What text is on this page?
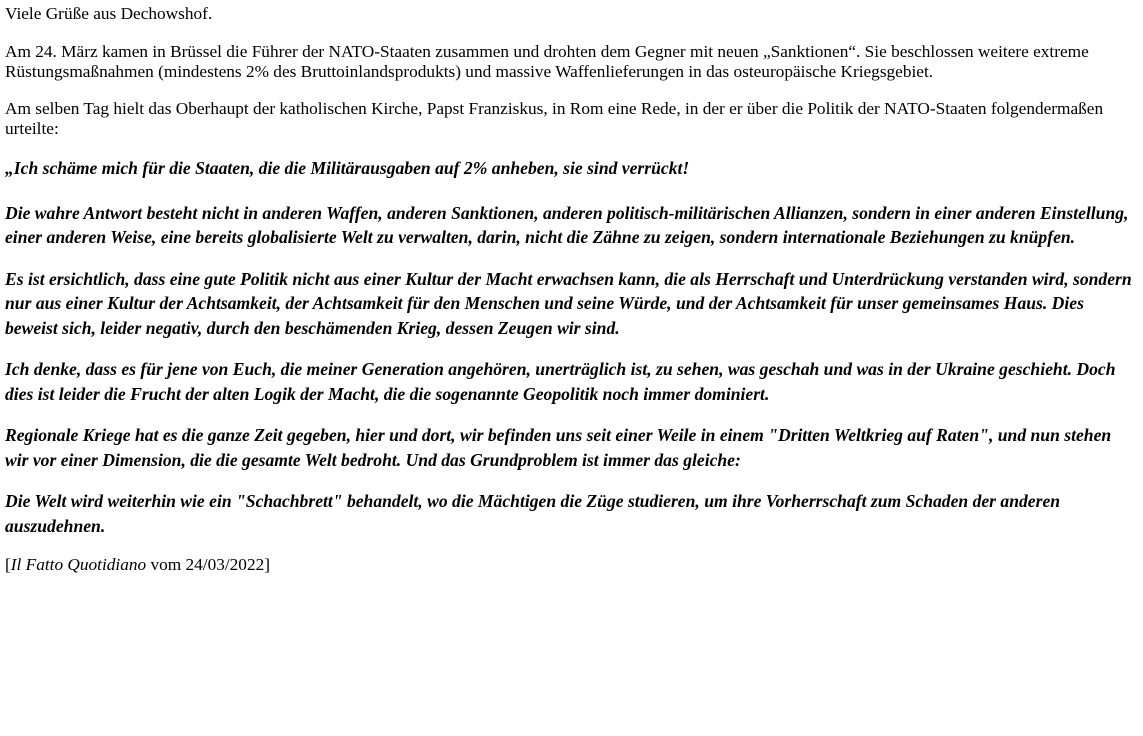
Viele Grüße aus Dechowshof.

Am 24. März kamen in Brüssel die Führer der NATO-Staaten zusammen und drohten dem Gegner mit neuen „Sanktionen“. Sie beschlossen weitere extreme Rüstungsmaßnahmen (mindestens 2% des Bruttoinlandsprodukts) und massive Waffenlieferungen in das osteuropäische Kriegsgebiet.

Am selben Tag hielt das Oberhaupt der katholischen Kirche, Papst Franziskus, in Rom eine Rede, in der er über die Politik der NATO-Staaten folgendermaßen urteilte:

„Ich schäme mich für die Staaten, die die Militärausgaben auf 2% anheben, sie sind verrückt!

Die wahre Antwort besteht nicht in anderen Waffen, anderen Sanktionen, anderen politisch-militärischen Allianzen, sondern in einer anderen Einstellung, einer anderen Weise, eine bereits globalisierte Welt zu verwalten, darin, nicht die Zähne zu zeigen, sondern internationale Beziehungen zu knüpfen.

Es ist ersichtlich, dass eine gute Politik nicht aus einer Kultur der Macht erwachsen kann, die als Herrschaft und Unterdrückung verstanden wird, sondern nur aus einer Kultur der Achtsamkeit, der Achtsamkeit für den Menschen und seine Würde, und der Achtsamkeit für unser gemeinsames Haus. Dies beweist sich, leider negativ, durch den beschämenden Krieg, dessen Zeugen wir sind.

Ich denke, dass es für jene von Euch, die meiner Generation angehören, unerträglich ist, zu sehen, was geschah und was in der Ukraine geschieht. Doch dies ist leider die Frucht der alten Logik der Macht, die die sogenannte Geopolitik noch immer dominiert.

Regionale Kriege hat es die ganze Zeit gegeben, hier und dort, wir befinden uns seit einer Weile in einem "Dritten Weltkrieg auf Raten", und nun stehen wir vor einer Dimension, die die gesamte Welt bedroht. Und das Grundproblem ist immer das gleiche:

Die Welt wird weiterhin wie ein "Schachbrett" behandelt, wo die Mächtigen die Züge studieren, um ihre Vorherrschaft zum Schaden der anderen auszudehnen.

[Il Fatto Quotidiano vom 24/03/2022]
